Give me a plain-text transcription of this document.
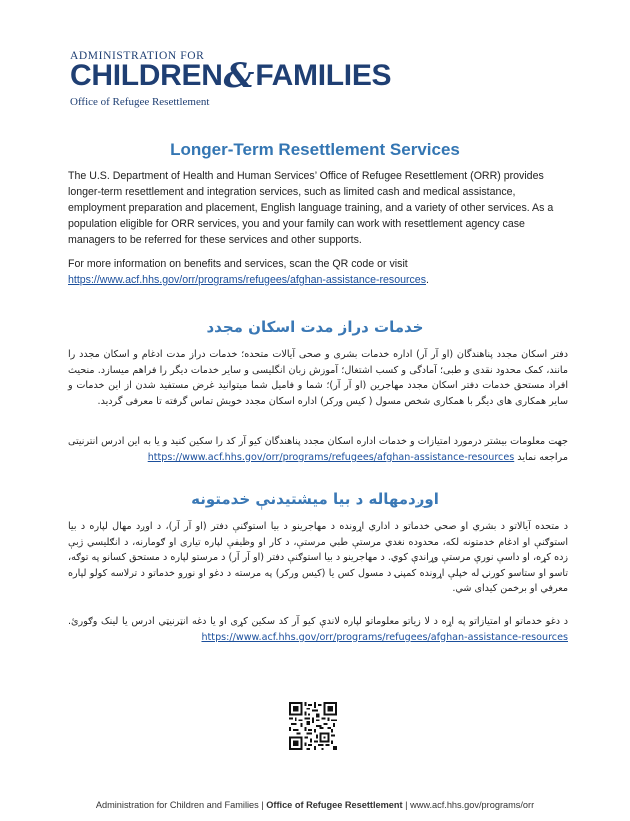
ADMINISTRATION FOR
CHILDREN & FAMILIES
Office of Refugee Resettlement
Longer-Term Resettlement Services
The U.S. Department of Health and Human Services’ Office of Refugee Resettlement (ORR) provides longer-term resettlement and integration services, such as limited cash and medical assistance, employment preparation and placement, English language training, and a variety of other services. As a population eligible for ORR services, you and your family can work with resettlement agency case managers to be referred for these services and other supports.
For more information on benefits and services, scan the QR code or visit
https://www.acf.hhs.gov/orr/programs/refugees/afghan-assistance-resources.
خدمات دراز مدت اسکان مجدد
دفتر اسکان مجدد پناهندگان (او آر آر) اداره خدمات بشری و صحی آیالات متحده؛ خدمات دراز مدت ادغام و اسکان مجدد را مانند، کمک محدود نقدی و طبی؛ آمادگی و کسب اشتغال؛ آموزش زبان انگلیسی و سایر خدمات دیگر را فراهم میسازد. منحیث افراد مستحق خدمات دفتر اسکان مجدد مهاجرین (او آر آر)؛ شما و فامیل شما میتوانید غرض مستفید شدن از این خدمات و سایر همکاری های دیگر با همکاری شخص مسول ( کیس ورکر) اداره اسکان مجدد خویش تماس گرفته تا معرفی گردید.
جهت معلومات بیشتر درمورد امتیازات و خدمات اداره اسکان مجدد پناهندگان کیو آر کد را سکین کنید و یا به این ادرس انترنیتی مراجعه نماید https://www.acf.hhs.gov/orr/programs/refugees/afghan-assistance-resources
اوږدمهاله د بیا میشتیدنې خدمتونه
د متحده آیالاتو د بشري او صحي خدماتو د اداري اړونده د مهاجرینو د بیا استوګنې دفتر (او آر آر)، د اوږد مهال لپاره د بیا استوګنې او ادغام خدمتونه لکه، محدوده نغدي مرستې طبي مرستې، د کار او وظیفې لپاره تیاری او ګومارنه، د انګلیسي ژبې زده کړه، او داسې نورې مرستې وړاندې کوي. د مهاجرینو د بیا استوګنې دفتر (او آر آر) د مرستو لپاره د مستحق کسانو په توګه، تاسو او ستاسو کورنۍ له خپلې اړونده کمپنۍ د مسول کس یا (کیس ورکر) په مرسته د دغو او نورو خدماتو د ترلاسه کولو لپاره معرفي او برخمن کیدای شي.
د دغو خدماتو او امتیازاتو په اړه د لا زیاتو معلوماتو لپاره لاندې کیو آر کد سکین کړی او یا دغه انټرنیټي ادرس یا لینک وګورئ. https://www.acf.hhs.gov/orr/programs/refugees/afghan-assistance-resources
Administration for Children and Families | Office of Refugee Resettlement | www.acf.hhs.gov/programs/orr
